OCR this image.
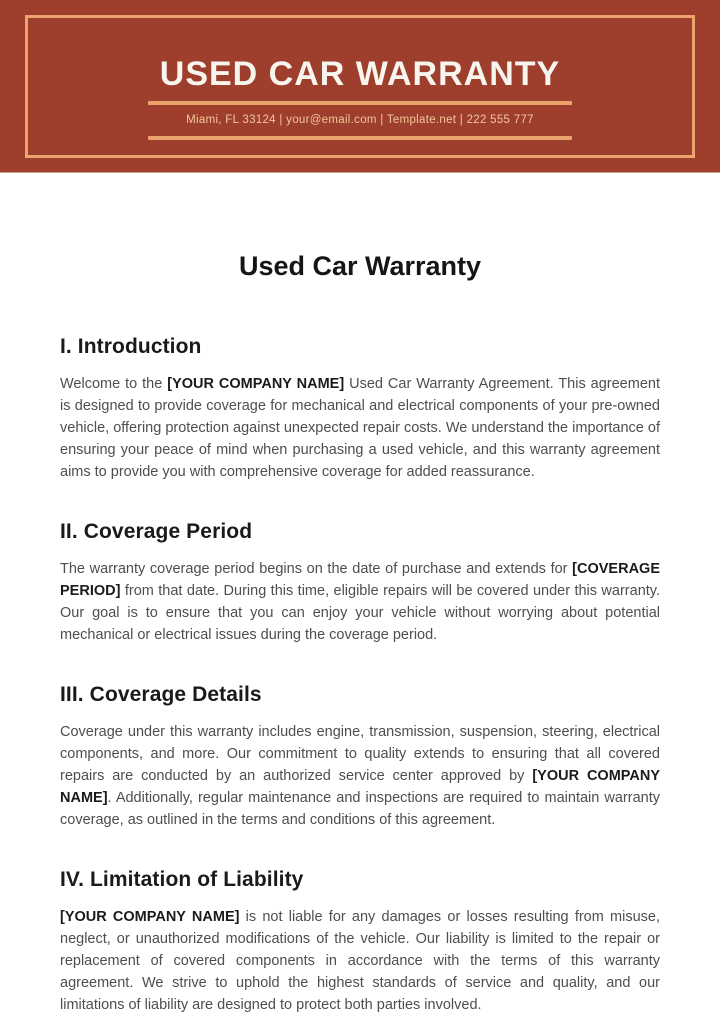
USED CAR WARRANTY
Miami, FL 33124 | your@email.com | Template.net | 222 555 777
Used Car Warranty
I. Introduction

Welcome to the [YOUR COMPANY NAME] Used Car Warranty Agreement. This agreement is designed to provide coverage for mechanical and electrical components of your pre-owned vehicle, offering protection against unexpected repair costs. We understand the importance of ensuring your peace of mind when purchasing a used vehicle, and this warranty agreement aims to provide you with comprehensive coverage for added reassurance.

II. Coverage Period

The warranty coverage period begins on the date of purchase and extends for [COVERAGE PERIOD] from that date. During this time, eligible repairs will be covered under this warranty. Our goal is to ensure that you can enjoy your vehicle without worrying about potential mechanical or electrical issues during the coverage period.

III. Coverage Details

Coverage under this warranty includes engine, transmission, suspension, steering, electrical components, and more. Our commitment to quality extends to ensuring that all covered repairs are conducted by an authorized service center approved by [YOUR COMPANY NAME]. Additionally, regular maintenance and inspections are required to maintain warranty coverage, as outlined in the terms and conditions of this agreement.

IV. Limitation of Liability

[YOUR COMPANY NAME] is not liable for any damages or losses resulting from misuse, neglect, or unauthorized modifications of the vehicle. Our liability is limited to the repair or replacement of covered components in accordance with the terms of this warranty agreement. We strive to uphold the highest standards of service and quality, and our limitations of liability are designed to protect both parties involved.
